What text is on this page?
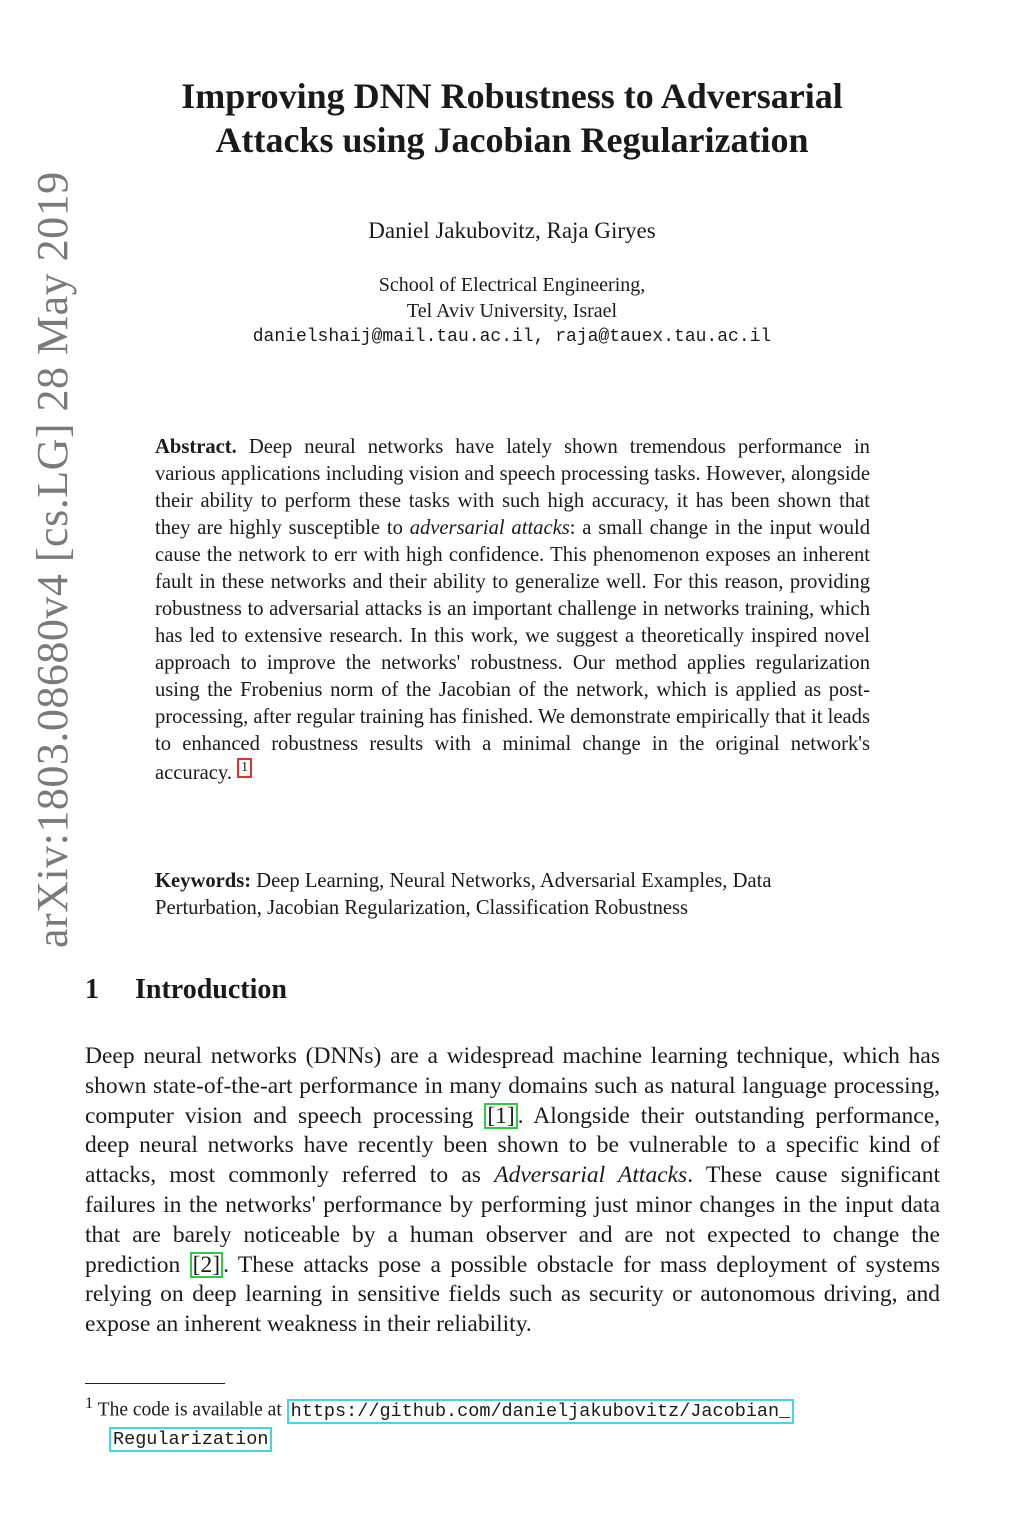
arXiv:1803.08680v4 [cs.LG] 28 May 2019
Improving DNN Robustness to Adversarial
Attacks using Jacobian Regularization
Daniel Jakubovitz, Raja Giryes
School of Electrical Engineering,
Tel Aviv University, Israel
danielshaij@mail.tau.ac.il, raja@tauex.tau.ac.il
Abstract. Deep neural networks have lately shown tremendous performance in various applications including vision and speech processing tasks. However, alongside their ability to perform these tasks with such high accuracy, it has been shown that they are highly susceptible to adversarial attacks: a small change in the input would cause the network to err with high confidence. This phenomenon exposes an inherent fault in these networks and their ability to generalize well. For this reason, providing robustness to adversarial attacks is an important challenge in networks training, which has led to extensive research. In this work, we suggest a theoretically inspired novel approach to improve the networks' robustness. Our method applies regularization using the Frobenius norm of the Jacobian of the network, which is applied as post-processing, after regular training has finished. We demonstrate empirically that it leads to enhanced robustness results with a minimal change in the original network's accuracy. 1
Keywords: Deep Learning, Neural Networks, Adversarial Examples, Data Perturbation, Jacobian Regularization, Classification Robustness
1 Introduction
Deep neural networks (DNNs) are a widespread machine learning technique, which has shown state-of-the-art performance in many domains such as natural language processing, computer vision and speech processing [1] . Alongside their outstanding performance, deep neural networks have recently been shown to be vulnerable to a specific kind of attacks, most commonly referred to as Adversarial Attacks. These cause significant failures in the networks' performance by performing just minor changes in the input data that are barely noticeable by a human observer and are not expected to change the prediction [2] . These attacks pose a possible obstacle for mass deployment of systems relying on deep learning in sensitive fields such as security or autonomous driving, and expose an inherent weakness in their reliability.
$^1$ The code is available at https://github.com/danieljakubovitz/Jacobian_
Regularization
